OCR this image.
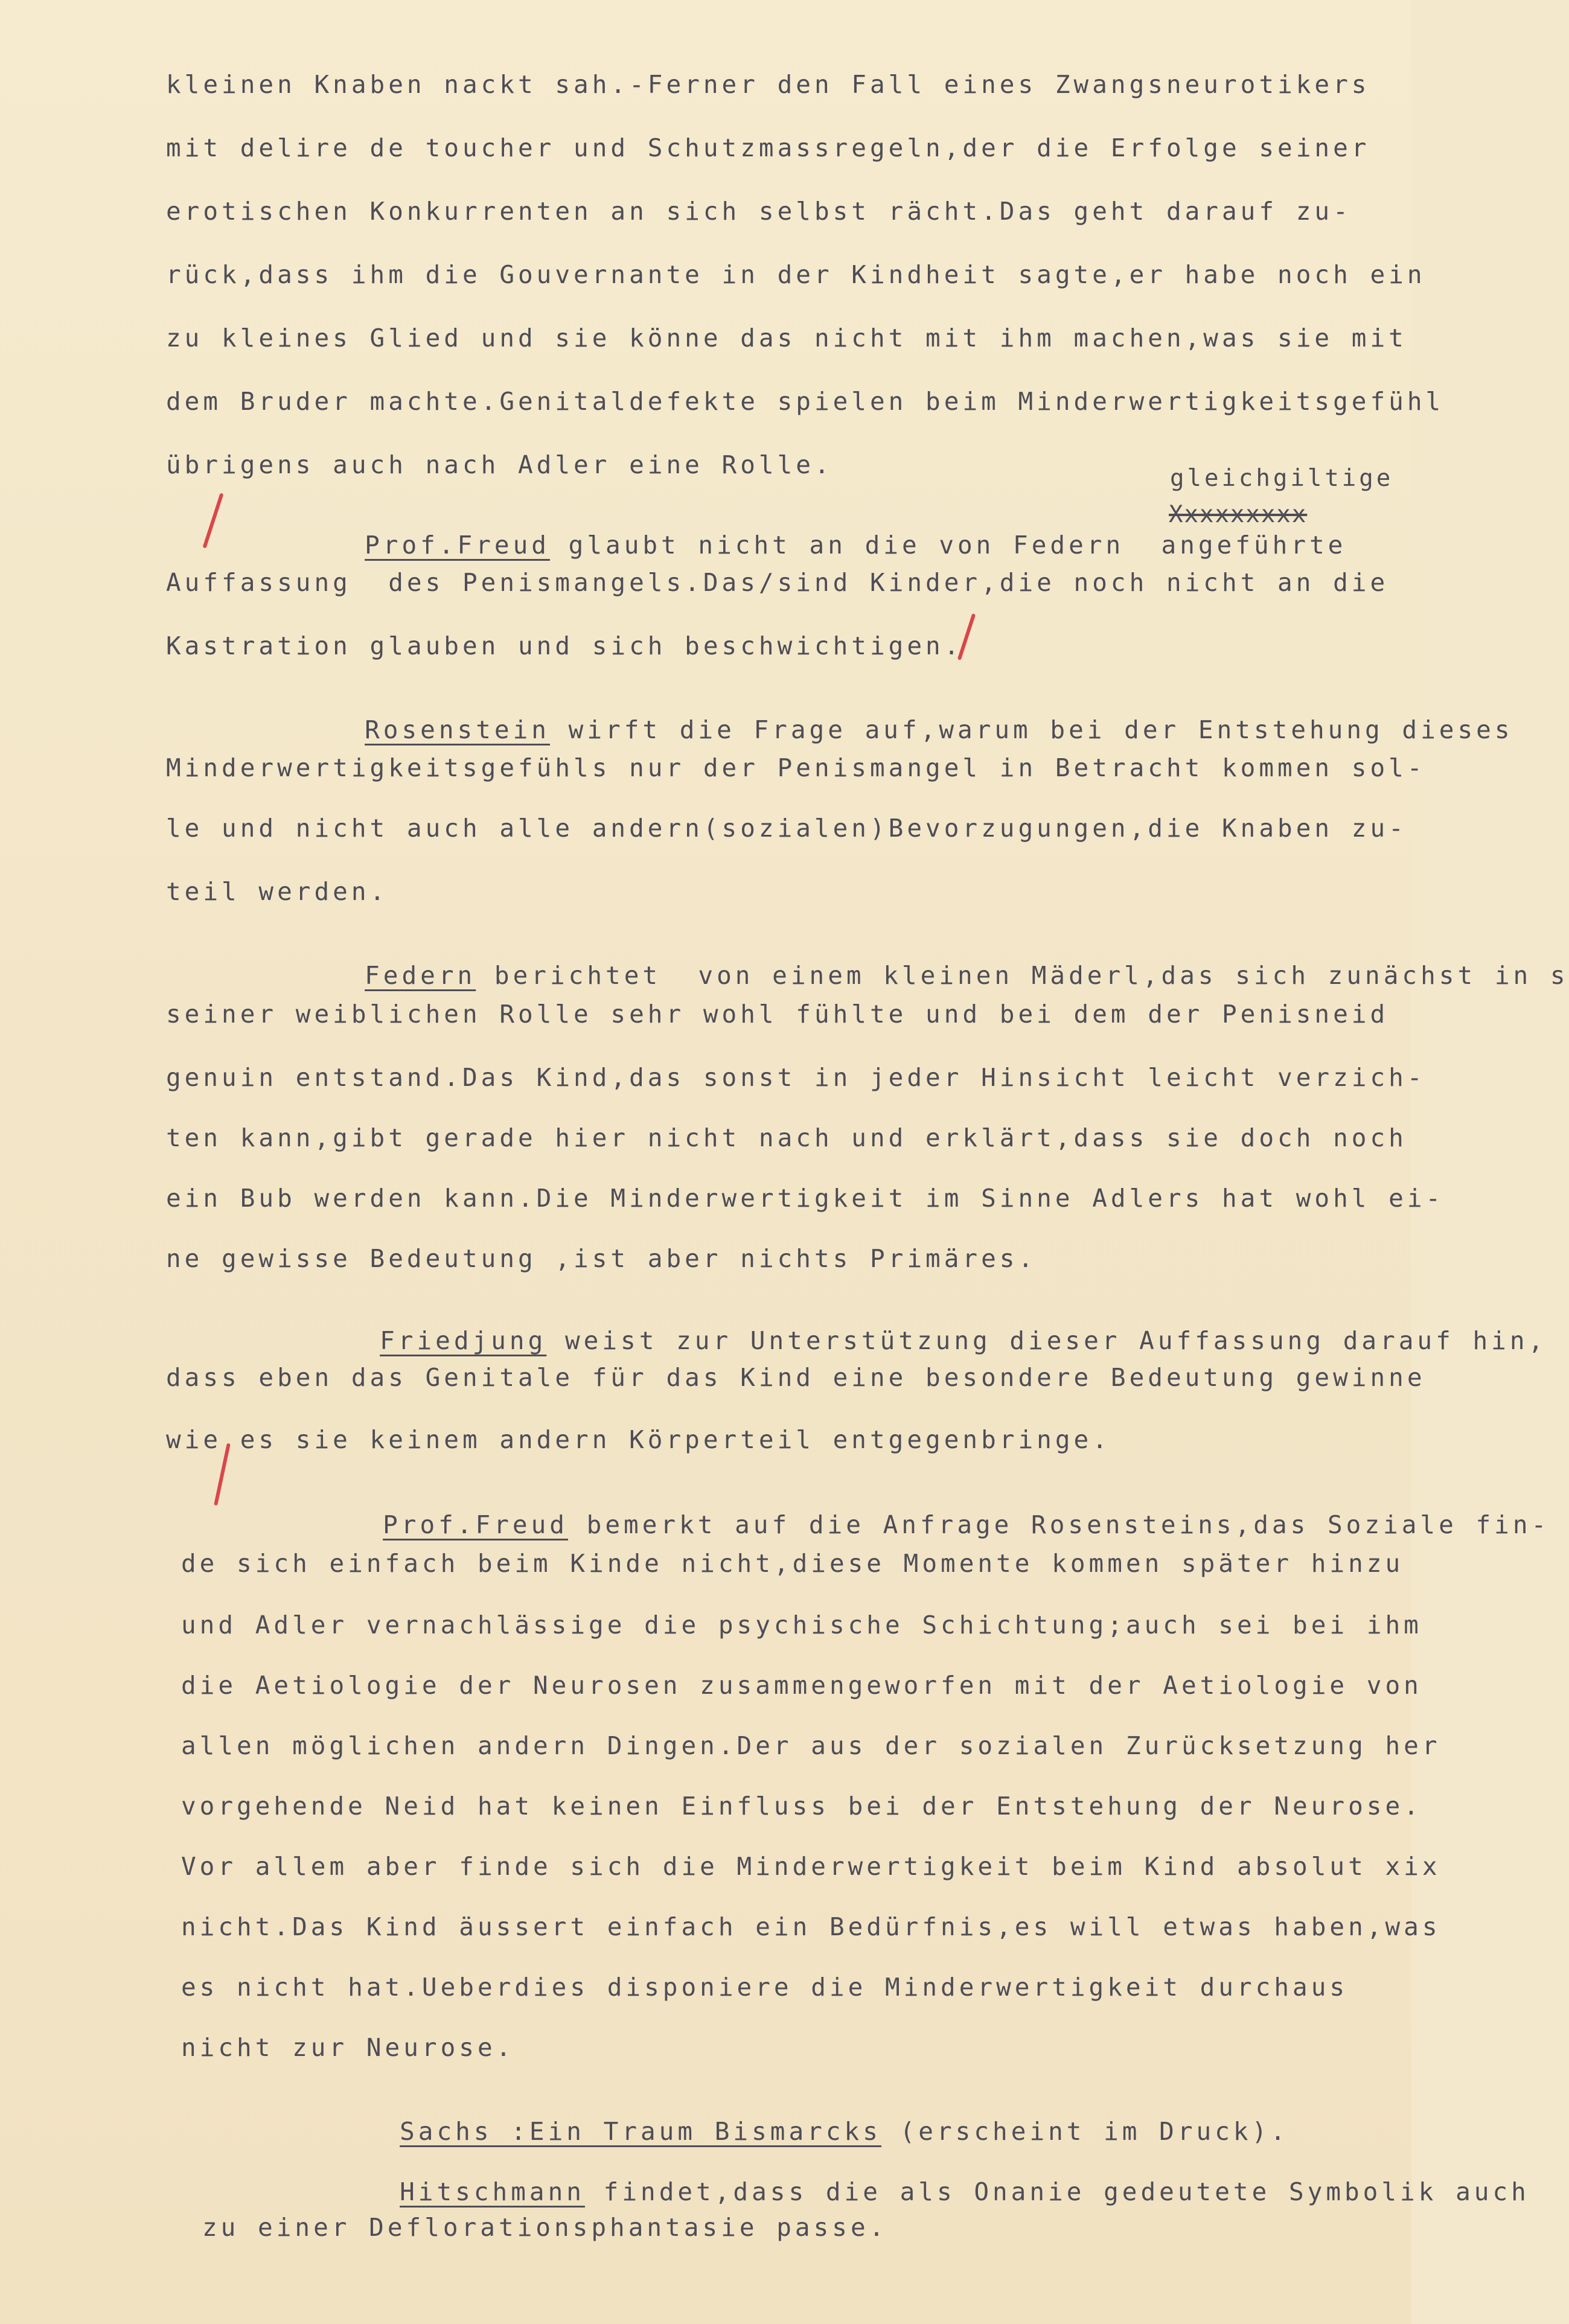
gleichgiltige
Xxxxxxxxx
kleinen Knaben nackt sah.-Ferner den Fall eines Zwangsneurotikers
mit delire de toucher und Schutzmassregeln,der die Erfolge seiner
erotischen Konkurrenten an sich selbst rächt.Das geht darauf zu-
rück,dass ihm die Gouvernante in der Kindheit sagte,er habe noch ein
zu kleines Glied und sie könne das nicht mit ihm machen,was sie mit
dem Bruder machte.Genitaldefekte spielen beim Minderwertigkeitsgefühl
übrigens auch nach Adler eine Rolle.

Prof.Freud glaubt nicht an die von Federn  angeführte

Auffassung  des Penismangels.Das/sind Kinder,die noch nicht an die
Kastration glauben und sich beschwichtigen.

Rosenstein wirft die Frage auf,warum bei der Entstehung dieses

Minderwertigkeitsgefühls nur der Penismangel in Betracht kommen sol-
le und nicht auch alle andern(sozialen)Bevorzugungen,die Knaben zu-
teil werden.

Federn berichtet  von einem kleinen Mäderl,das sich zunächst in s

seiner weiblichen Rolle sehr wohl fühlte und bei dem der Penisneid
genuin entstand.Das Kind,das sonst in jeder Hinsicht leicht verzich-
ten kann,gibt gerade hier nicht nach und erklärt,dass sie doch noch
ein Bub werden kann.Die Minderwertigkeit im Sinne Adlers hat wohl ei-
ne gewisse Bedeutung ,ist aber nichts Primäres.

Friedjung weist zur Unterstützung dieser Auffassung darauf hin,

dass eben das Genitale für das Kind eine besondere Bedeutung gewinne
wie es sie keinem andern Körperteil entgegenbringe.

Prof.Freud bemerkt auf die Anfrage Rosensteins,das Soziale fin-

de sich einfach beim Kinde nicht,diese Momente kommen später hinzu
und Adler vernachlässige die psychische Schichtung;auch sei bei ihm
die Aetiologie der Neurosen zusammengeworfen mit der Aetiologie von
allen möglichen andern Dingen.Der aus der sozialen Zurücksetzung her
vorgehende Neid hat keinen Einfluss bei der Entstehung der Neurose.
Vor allem aber finde sich die Minderwertigkeit beim Kind absolut xix
nicht.Das Kind äussert einfach ein Bedürfnis,es will etwas haben,was
es nicht hat.Ueberdies disponiere die Minderwertigkeit durchaus
nicht zur Neurose.

Sachs :Ein Traum Bismarcks (erscheint im Druck).

Hitschmann findet,dass die als Onanie gedeutete Symbolik auch

zu einer Deflorationsphantasie passe.
